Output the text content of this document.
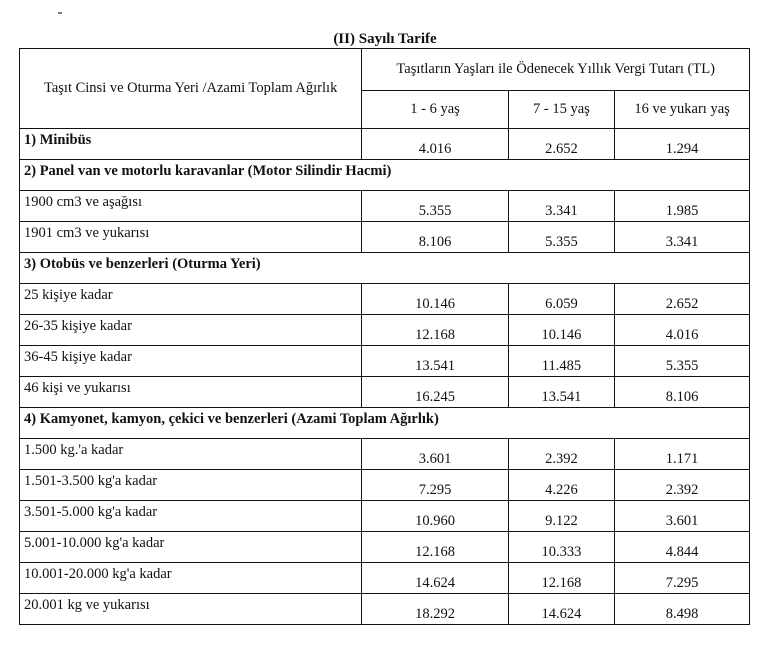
(II) Sayılı Tarife
Taşıt Cinsi ve Oturma Yeri /Azami Toplam Ağırlık	Taşıtların Yaşları ile Ödenecek Yıllık Vergi Tutarı (TL)		
	1 - 6 yaş	7 - 15 yaş	16 ve yukarı yaş
1) Minibüs	4.016	2.652	1.294
2) Panel van ve motorlu karavanlar (Motor Silindir Hacmi)			
1900 cm3 ve aşağısı	5.355	3.341	1.985
1901 cm3 ve yukarısı	8.106	5.355	3.341
3) Otobüs ve benzerleri (Oturma Yeri)			
25 kişiye kadar	10.146	6.059	2.652
26-35 kişiye kadar	12.168	10.146	4.016
36-45 kişiye kadar	13.541	11.485	5.355
46 kişi ve yukarısı	16.245	13.541	8.106
4) Kamyonet, kamyon, çekici ve benzerleri (Azami Toplam Ağırlık)			
1.500 kg.'a kadar	3.601	2.392	1.171
1.501-3.500 kg'a kadar	7.295	4.226	2.392
3.501-5.000 kg'a kadar	10.960	9.122	3.601
5.001-10.000 kg'a kadar	12.168	10.333	4.844
10.001-20.000 kg'a kadar	14.624	12.168	7.295
20.001 kg ve yukarısı	18.292	14.624	8.498
